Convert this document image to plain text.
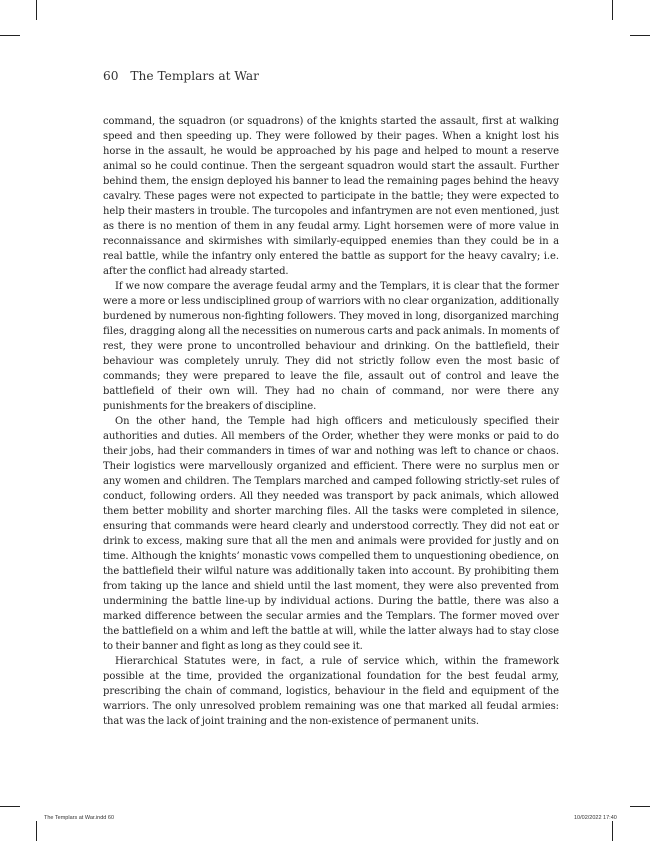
60 The Templars at War

command, the squadron (or squadrons) of the knights started the assault, first at walking speed and then speeding up. They were followed by their pages. When a knight lost his horse in the assault, he would be approached by his page and helped to mount a reserve animal so he could continue. Then the sergeant squadron would start the assault. Further behind them, the ensign deployed his banner to lead the remaining pages behind the heavy cavalry. These pages were not expected to participate in the battle; they were expected to help their masters in trouble. The turcopoles and infantrymen are not even mentioned, just as there is no mention of them in any feudal army. Light horsemen were of more value in reconnaissance and skirmishes with similarly-equipped enemies than they could be in a real battle, while the infantry only entered the battle as support for the heavy cavalry; i.e. after the conflict had already started.

If we now compare the average feudal army and the Templars, it is clear that the former were a more or less undisciplined group of warriors with no clear organization, additionally burdened by numerous non-fighting followers. They moved in long, disorganized marching files, dragging along all the necessities on numerous carts and pack animals. In moments of rest, they were prone to uncontrolled behaviour and drinking. On the battlefield, their behaviour was completely unruly. They did not strictly follow even the most basic of commands; they were prepared to leave the file, assault out of control and leave the battlefield of their own will. They had no chain of command, nor were there any punishments for the breakers of discipline.

On the other hand, the Temple had high officers and meticulously specified their authorities and duties. All members of the Order, whether they were monks or paid to do their jobs, had their commanders in times of war and nothing was left to chance or chaos. Their logistics were marvellously organized and efficient. There were no surplus men or any women and children. The Templars marched and camped following strictly-set rules of conduct, following orders. All they needed was transport by pack animals, which allowed them better mobility and shorter marching files. All the tasks were completed in silence, ensuring that commands were heard clearly and understood correctly. They did not eat or drink to excess, making sure that all the men and animals were provided for justly and on time. Although the knights’ monastic vows compelled them to unquestioning obedience, on the battlefield their wilful nature was additionally taken into account. By prohibiting them from taking up the lance and shield until the last moment, they were also prevented from undermining the battle line-up by individual actions. During the battle, there was also a marked difference between the secular armies and the Templars. The former moved over the battlefield on a whim and left the battle at will, while the latter always had to stay close to their banner and fight as long as they could see it.

Hierarchical Statutes were, in fact, a rule of service which, within the framework possible at the time, provided the organizational foundation for the best feudal army, prescribing the chain of command, logistics, behaviour in the field and equipment of the warriors. The only unresolved problem remaining was one that marked all feudal armies: that was the lack of joint training and the non-existence of permanent units.

The Templars at War.indd 60	10/02/2022 17:40
